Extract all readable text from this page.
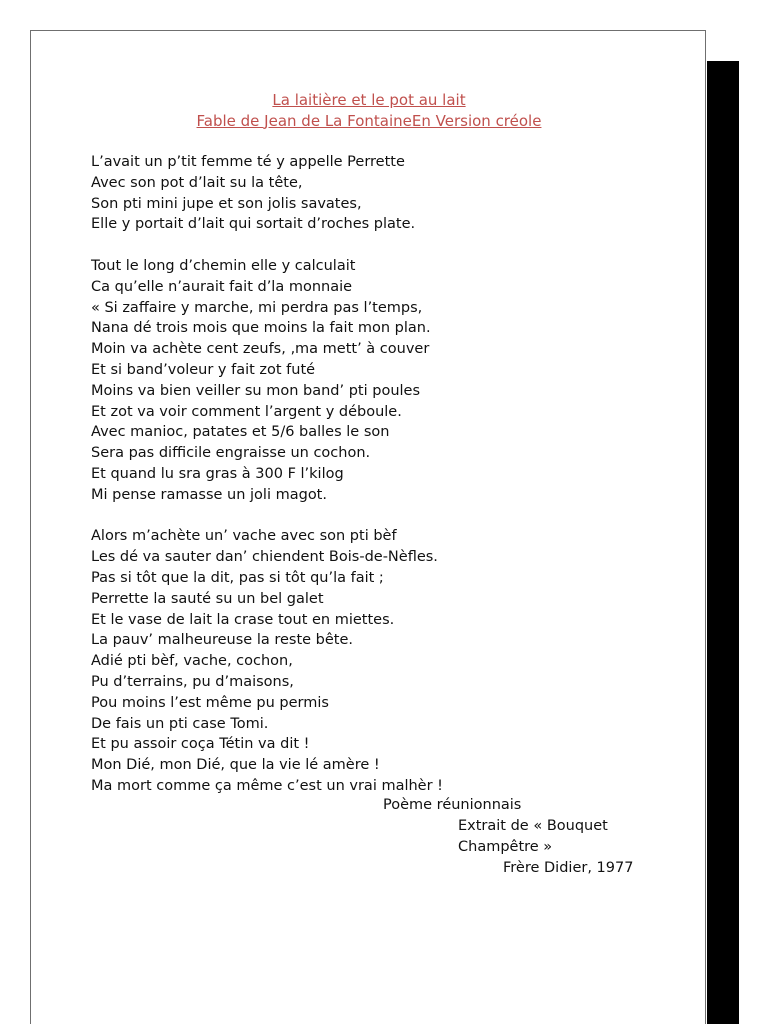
La laitière et le pot au lait
Fable de Jean de La FontaineEn Version créole
L’avait un p’tit femme té y appelle Perrette
Avec son pot d’lait su la tête,
Son pti mini jupe et son jolis savates,
Elle y portait d’lait qui sortait d’roches plate.
Tout le long d’chemin elle y calculait
Ca qu’elle n’aurait fait d’la monnaie
« Si zaffaire y marche, mi perdra pas l’temps,
Nana dé trois mois que moins la fait mon plan.
Moin va achète cent zeufs, ‚ma mett’ à couver
Et si band’voleur y fait zot futé
Moins va bien veiller su mon band’ pti poules
Et zot va voir comment l’argent y déboule.
Avec manioc, patates et 5/6 balles le son
Sera pas difficile engraisse un cochon.
Et quand lu sra gras à 300 F l’kilog
Mi pense ramasse un joli magot.
Alors m’achète un’ vache avec son pti bèf
Les dé va sauter dan’ chiendent Bois-de-Nèfles.
Pas si tôt que la dit, pas si tôt qu’la fait ;
Perrette la sauté su un bel galet
Et le vase de lait la crase tout en miettes.
La pauv’ malheureuse la reste bête.
Adié pti bèf, vache, cochon,
Pu d’terrains, pu d’maisons,
Pou moins l’est même pu permis
De fais un pti case Tomi.
Et pu assoir coça Tétin va dit !
Mon Dié, mon Dié, que la vie lé amère !
Ma mort comme ça même c’est un vrai malhèr !
Poème réunionnais
Extrait de « Bouquet
Champêtre »
Frère Didier, 1977
